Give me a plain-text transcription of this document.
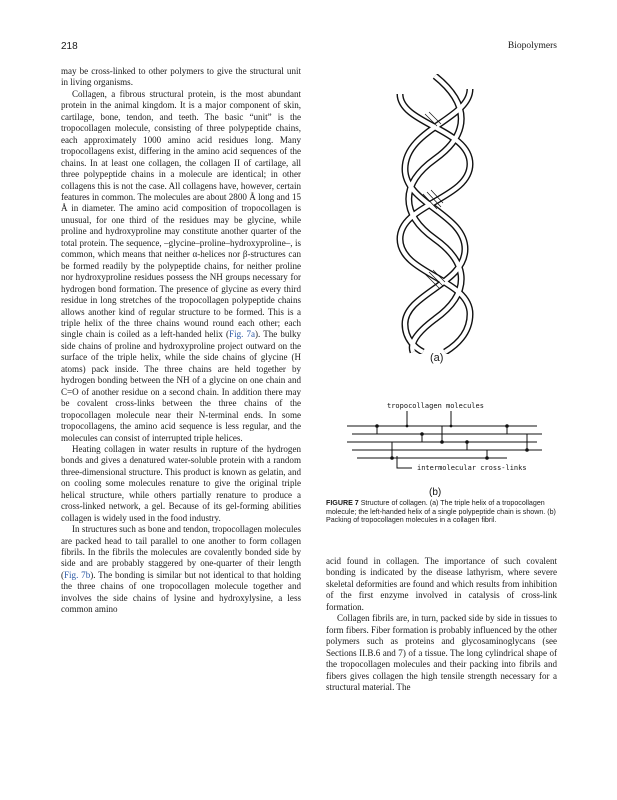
218	Biopolymers

may be cross-linked to other polymers to give the structural unit in living organisms.

Collagen, a fibrous structural protein, is the most abundant protein in the animal kingdom. It is a major component of skin, cartilage, bone, tendon, and teeth. The basic “unit” is the tropocollagen molecule, consisting of three polypeptide chains, each approximately 1000 amino acid residues long. Many tropocollagens exist, differing in the amino acid sequences of the chains. In at least one collagen, the collagen II of cartilage, all three polypeptide chains in a molecule are identical; in other collagens this is not the case. All collagens have, however, certain features in common. The molecules are about 2800 Å long and 15 Å in diameter. The amino acid composition of tropocollagen is unusual, for one third of the residues may be glycine, while proline and hydroxyproline may constitute another quarter of the total protein. The sequence, –glycine–proline–hydroxyproline–, is common, which means that neither α-helices nor β-structures can be formed readily by the polypeptide chains, for neither proline nor hydroxyproline residues possess the NH groups necessary for hydrogen bond formation. The presence of glycine as every third residue in long stretches of the tropocollagen polypeptide chains allows another kind of regular structure to be formed. This is a triple helix of the three chains wound round each other; each single chain is coiled as a left-handed helix (Fig. 7a). The bulky side chains of proline and hydroxyproline project outward on the surface of the triple helix, while the side chains of glycine (H atoms) pack inside. The three chains are held together by hydrogen bonding between the NH of a glycine on one chain and C=O of another residue on a second chain. In addition there may be covalent cross-links between the three chains of the tropocollagen molecule near their N-terminal ends. In some tropocollagens, the amino acid sequence is less regular, and the molecules can consist of interrupted triple helices.

Heating collagen in water results in rupture of the hydrogen bonds and gives a denatured water-soluble protein with a random three-dimensional structure. This product is known as gelatin, and on cooling some molecules renature to give the original triple helical structure, while others partially renature to produce a cross-linked network, a gel. Because of its gel-forming abilities collagen is widely used in the food industry.

In structures such as bone and tendon, tropocollagen molecules are packed head to tail parallel to one another to form collagen fibrils. In the fibrils the molecules are covalently bonded side by side and are probably staggered by one-quarter of their length (Fig. 7b). The bonding is similar but not identical to that holding the three chains of one tropocollagen molecule together and involves the side chains of lysine and hydroxylysine, a less common amino

(a)
tropocollagen molecules
intermolecular cross-links
(b)
FIGURE 7 Structure of collagen. (a) The triple helix of a tropocollagen molecule; the left-handed helix of a single polypeptide chain is shown. (b) Packing of tropocollagen molecules in a collagen fibril.

acid found in collagen. The importance of such covalent bonding is indicated by the disease lathyrism, where severe skeletal deformities are found and which results from inhibition of the first enzyme involved in catalysis of cross-link formation.

Collagen fibrils are, in turn, packed side by side in tissues to form fibers. Fiber formation is probably influenced by the other polymers such as proteins and glycosaminoglycans (see Sections II.B.6 and 7) of a tissue. The long cylindrical shape of the tropocollagen molecules and their packing into fibrils and fibers gives collagen the high tensile strength necessary for a structural material. The
